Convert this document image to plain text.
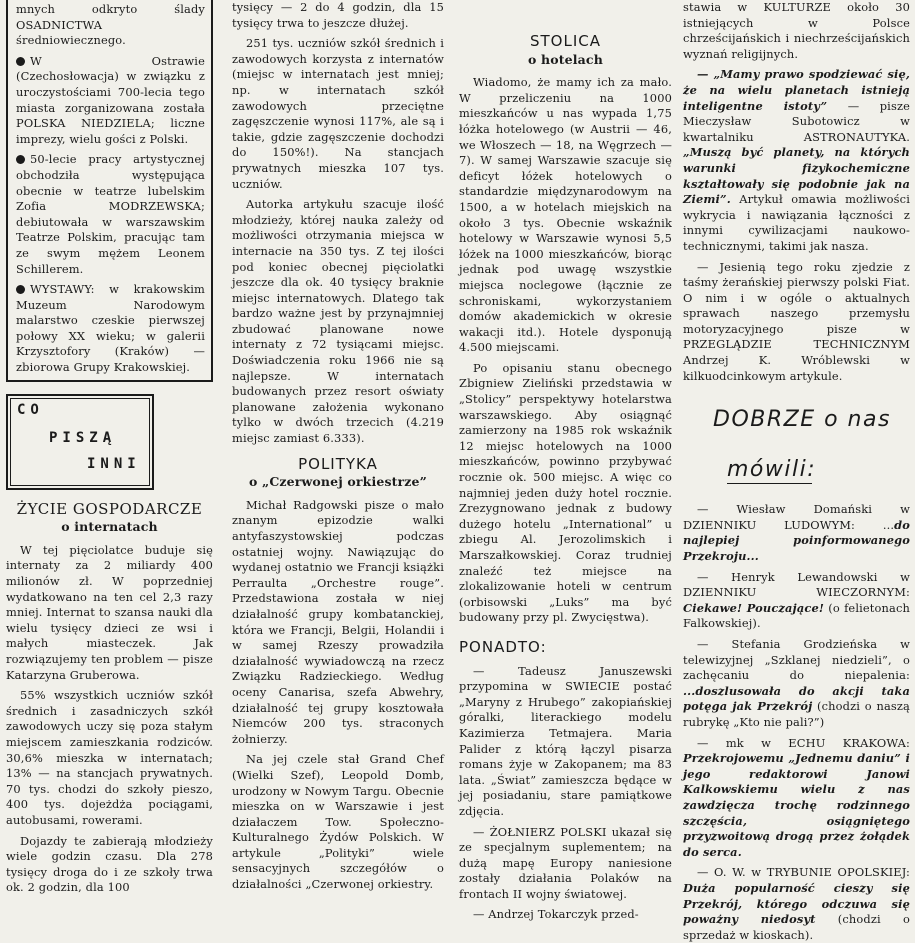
mnych odkryto ślady OSADNICTWA średniowiecznego.

W Ostrawie (Czechosłowacja) w związku z uroczystościami 700-lecia tego miasta zorganizowana została POLSKA NIEDZIELA; liczne imprezy, wielu gości z Polski.

50-lecie pracy artystycznej obchodziła występująca obecnie w teatrze lubelskim Zofia MODRZEWSKA; debiutowała w warszawskim Teatrze Polskim, pracując tam ze swym mężem Leonem Schillerem.

WYSTAWY: w krakowskim Muzeum Narodowym malarstwo czeskie pierwszej połowy XX wieku; w galerii Krzysztofory (Kraków) — zbiorowa Grupy Krakowskiej.

CO
PISZĄ
INNI
ŻYCIE GOSPODARCZE
o internatach

W tej pięciolatce buduje się internaty za 2 miliardy 400 milionów zł. W poprzedniej wydatkowano na ten cel 2,3 razy mniej. Internat to szansa nauki dla wielu tysięcy dzieci ze wsi i małych miasteczek. Jak rozwiązujemy ten problem — pisze Katarzyna Gruberowa.

55% wszystkich uczniów szkół średnich i zasadniczych szkół zawodowych uczy się poza stałym miejscem zamieszkania rodziców. 30,6% mieszka w internatach; 13% — na stancjach prywatnych. 70 tys. chodzi do szkoły pieszo, 400 tys. dojeżdża pociągami, autobusami, rowerami.

Dojazdy te zabierają młodzieży wiele godzin czasu. Dla 278 tysięcy droga do i ze szkoły trwa ok. 2 godzin, dla 100

tysięcy — 2 do 4 godzin, dla 15 tysięcy trwa to jeszcze dłużej.

251 tys. uczniów szkół średnich i zawodowych korzysta z internatów (miejsc w internatach jest mniej; np. w internatach szkół zawodowych przeciętne zagęszczenie wynosi 117%, ale są i takie, gdzie zagęszczenie dochodzi do 150%!). Na stancjach prywatnych mieszka 107 tys. uczniów.

Autorka artykułu szacuje ilość młodzieży, której nauka zależy od możliwości otrzymania miejsca w internacie na 350 tys. Z tej ilości pod koniec obecnej pięciolatki jeszcze dla ok. 40 tysięcy braknie miejsc internatowych. Dlatego tak bardzo ważne jest by przynajmniej zbudować planowane nowe internaty z 72 tysiącami miejsc. Doświadczenia roku 1966 nie są najlepsze. W internatach budowanych przez resort oświaty planowane założenia wykonano tylko w dwóch trzecich (4.219 miejsc zamiast 6.333).

POLITYKA
o „Czerwonej orkiestrze”

Michał Radgowski pisze o mało znanym epizodzie walki antyfaszystowskiej podczas ostatniej wojny. Nawiązując do wydanej ostatnio we Francji książki Perraulta „Orchestre rouge”. Przedstawiona została w niej działalność grupy kombatanckiej, która we Francji, Belgii, Holandii i w samej Rzeszy prowadziła działalność wywiadowczą na rzecz Związku Radzieckiego. Według oceny Canarisa, szefa Abwehry, działalność tej grupy kosztowała Niemców 200 tys. straconych żołnierzy.

Na jej czele stał Grand Chef (Wielki Szef), Leopold Domb, urodzony w Nowym Targu. Obecnie mieszka on w Warszawie i jest działaczem Tow. Społeczno-Kulturalnego Żydów Polskich. W artykule „Polityki” wiele sensacyjnych szczegółów o działalności „Czerwonej orkiestry.

STOLICA
o hotelach

Wiadomo, że mamy ich za mało. W przeliczeniu na 1000 mieszkańców u nas wypada 1,75 łóżka hotelowego (w Austrii — 46, we Włoszech — 18, na Węgrzech — 7). W samej Warszawie szacuje się deficyt łóżek hotelowych o standardzie międzynarodowym na 1500, a w hotelach miejskich na około 3 tys. Obecnie wskaźnik hotelowy w Warszawie wynosi 5,5 łóżek na 1000 mieszkańców, biorąc jednak pod uwagę wszystkie miejsca noclegowe (łącznie ze schroniskami, wykorzystaniem domów akademickich w okresie wakacji itd.). Hotele dysponują 4.500 miejscami.

Po opisaniu stanu obecnego Zbigniew Zieliński przedstawia w „Stolicy” perspektywy hotelarstwa warszawskiego. Aby osiągnąć zamierzony na 1985 rok wskaźnik 12 miejsc hotelowych na 1000 mieszkańców, powinno przybywać rocznie ok. 500 miejsc. A więc co najmniej jeden duży hotel rocznie. Zrezygnowano jednak z budowy dużego hotelu „International” u zbiegu Al. Jerozolimskich i Marszałkowskiej. Coraz trudniej znaleźć też miejsce na zlokalizowanie hoteli w centrum (orbisowski „Luks” ma być budowany przy pl. Zwycięstwa).

PONADTO:

— Tadeusz Januszewski przypomina w SWIECIE postać „Maryny z Hrubego” zakopiańskiej góralki, literackiego modelu Kazimierza Tetmajera. Maria Palider z którą łączyl pisarza romans żyje w Zakopanem; ma 83 lata. „Świat” zamieszcza będące w jej posiadaniu, stare pamiątkowe zdjęcia.

— ŻOŁNIERZ POLSKI ukazał się ze specjalnym suplementem; na dużą mapę Europy naniesione zostały działania Polaków na frontach II wojny światowej.

— Andrzej Tokarczyk przed-

stawia w KULTURZE około 30 istniejących w Polsce chrześcijańskich i niechrześcijańskich wyznań religijnych.

— „Mamy prawo spodziewać się, że na wielu planetach istnieją inteligentne istoty” — pisze Mieczysław Subotowicz w kwartalniku ASTRONAUTYKA. „Muszą być planety, na których warunki fizykochemiczne kształtowały się podobnie jak na Ziemi”. Artykuł omawia możliwości wykrycia i nawiązania łączności z innymi cywilizacjami naukowo-technicznymi, takimi jak nasza.

— Jesienią tego roku zjedzie z taśmy żerańskiej pierwszy polski Fiat. O nim i w ogóle o aktualnych sprawach naszego przemysłu motoryzacyjnego pisze w PRZEGLĄDZIE TECHNICZNYM Andrzej K. Wróblewski w kilkuodcinkowym artykule.

DOBRZE o nas
mówili:

— Wiesław Domański w DZIENNIKU LUDOWYM: ...do najlepiej poinformowanego Przekroju...

— Henryk Lewandowski w DZIENNIKU WIECZORNYM: Ciekawe! Pouczające! (o felietonach Falkowskiej).

— Stefania Grodzieńska w telewizyjnej „Szklanej niedzieli”, o zachęcaniu do niepalenia: ...doszlusowała do akcji taka potęga jak Przekrój (chodzi o naszą rubrykę „Kto nie pali?”)

— mk w ECHU KRAKOWA: Przekrojowemu „Jednemu daniu” i jego redaktorowi Janowi Kalkowskiemu wielu z nas zawdzięcza trochę rodzinnego szczęścia, osiągniętego przyzwoitową drogą przez żołądek do serca.

— O. W. w TRYBUNIE OPOLSKIEJ: Duża popularność cieszy się Przekrój, którego odczuwa się poważny niedosyt (chodzi o sprzedaż w kioskach).
